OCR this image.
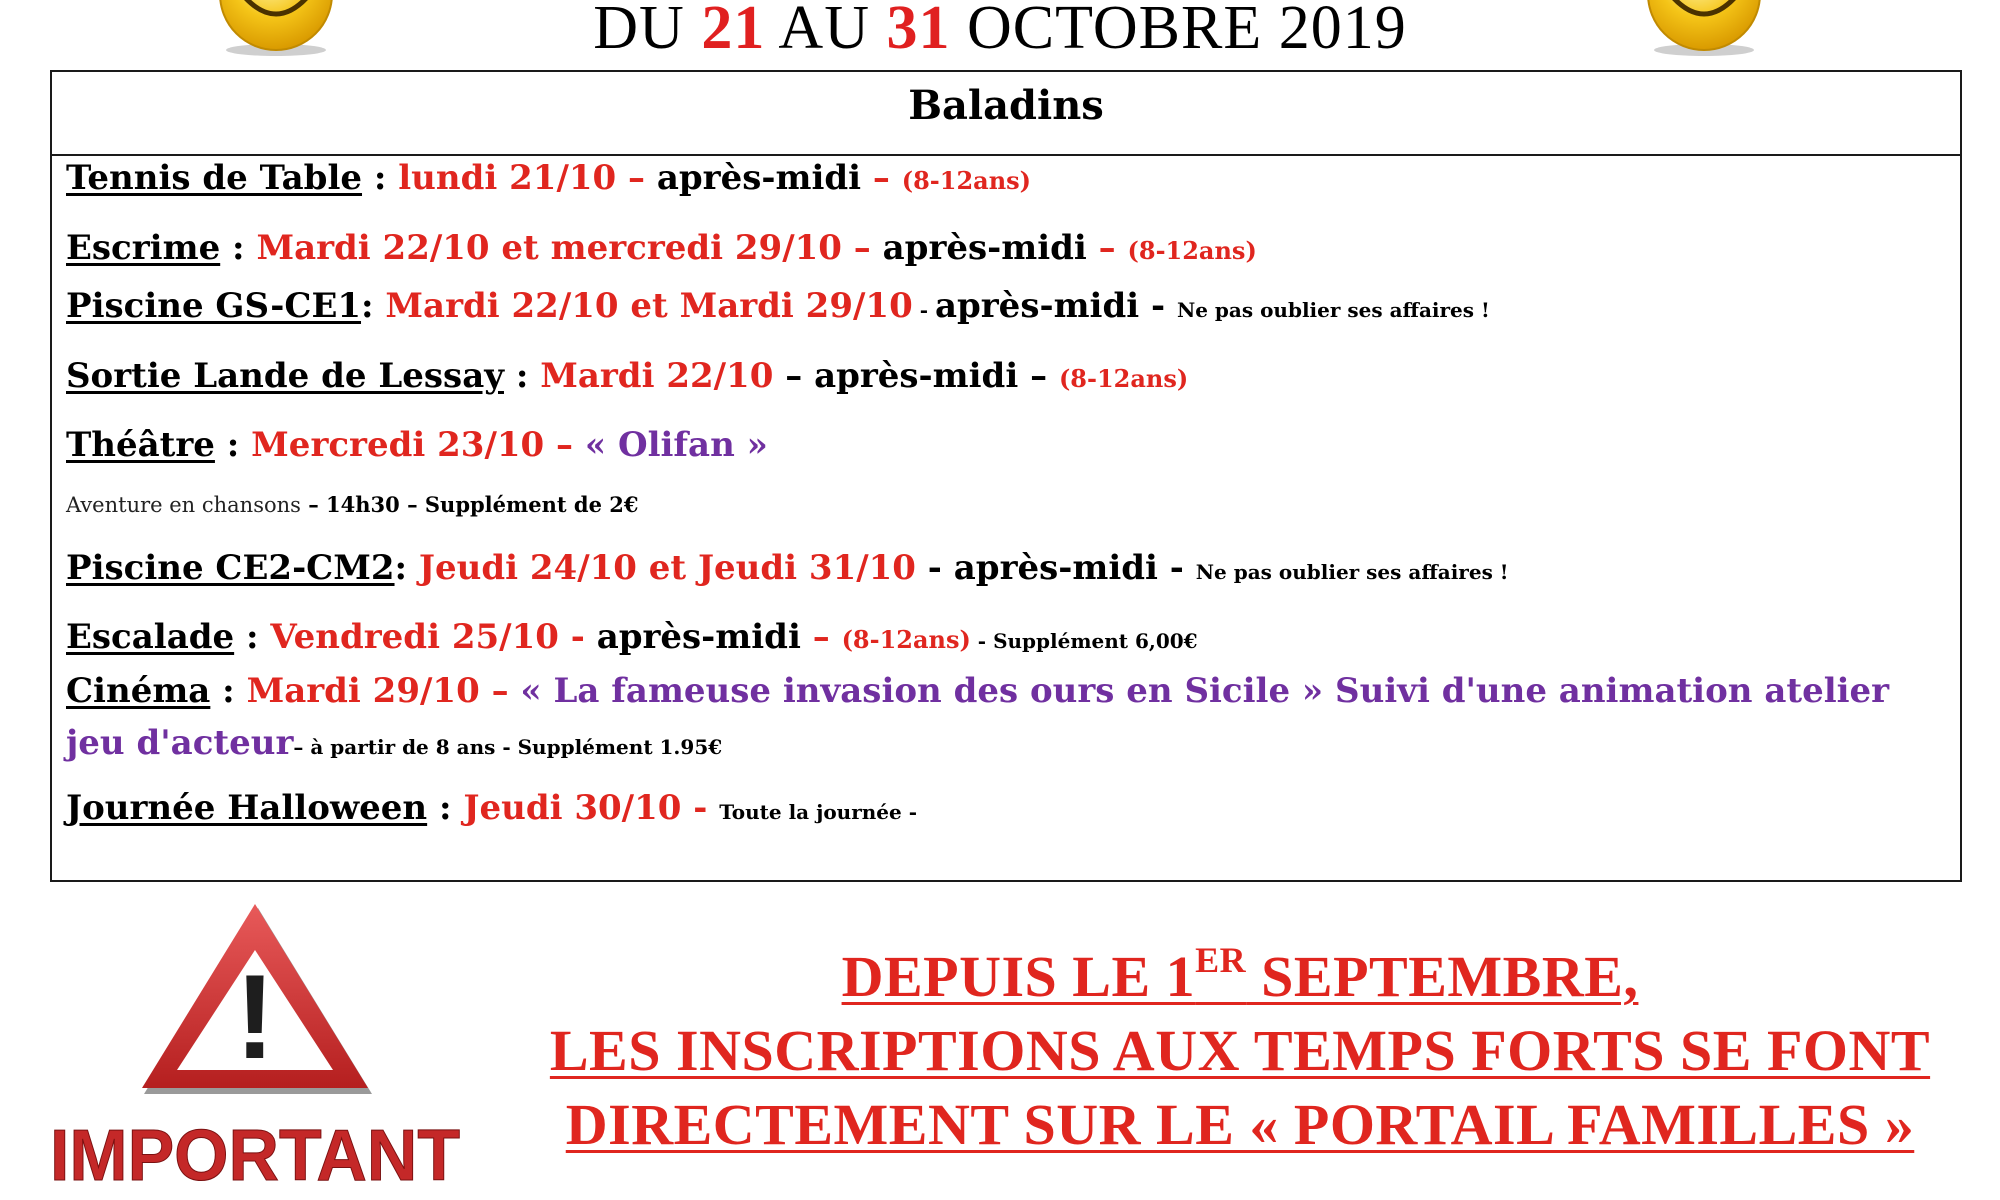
DU 21 AU 31 OCTOBRE 2019
Baladins
Tennis de Table : lundi 21/10 – après-midi – (8-12ans)
Escrime : Mardi 22/10 et mercredi 29/10 – après-midi – (8-12ans)
Piscine GS-CE1: Mardi 22/10 et Mardi 29/10 - après-midi - Ne pas oublier ses affaires !
Sortie Lande de Lessay : Mardi 22/10 – après-midi – (8-12ans)
Théâtre : Mercredi 23/10 – « Olifan »
Aventure en chansons – 14h30 – Supplément de 2€
Piscine CE2-CM2: Jeudi 24/10 et Jeudi 31/10 - après-midi - Ne pas oublier ses affaires !
Escalade : Vendredi 25/10 - après-midi – (8-12ans) - Supplément 6,00€
Cinéma : Mardi 29/10 – « La fameuse invasion des ours en Sicile » Suivi d'une animation atelier jeu d'acteur– à partir de 8 ans - Supplément 1.95€
Journée Halloween : Jeudi 30/10 - Toute la journée -
!
IMPORTANT
DEPUIS LE 1ER SEPTEMBRE,
LES INSCRIPTIONS AUX TEMPS FORTS SE FONT
DIRECTEMENT SUR LE « PORTAIL FAMILLES »
